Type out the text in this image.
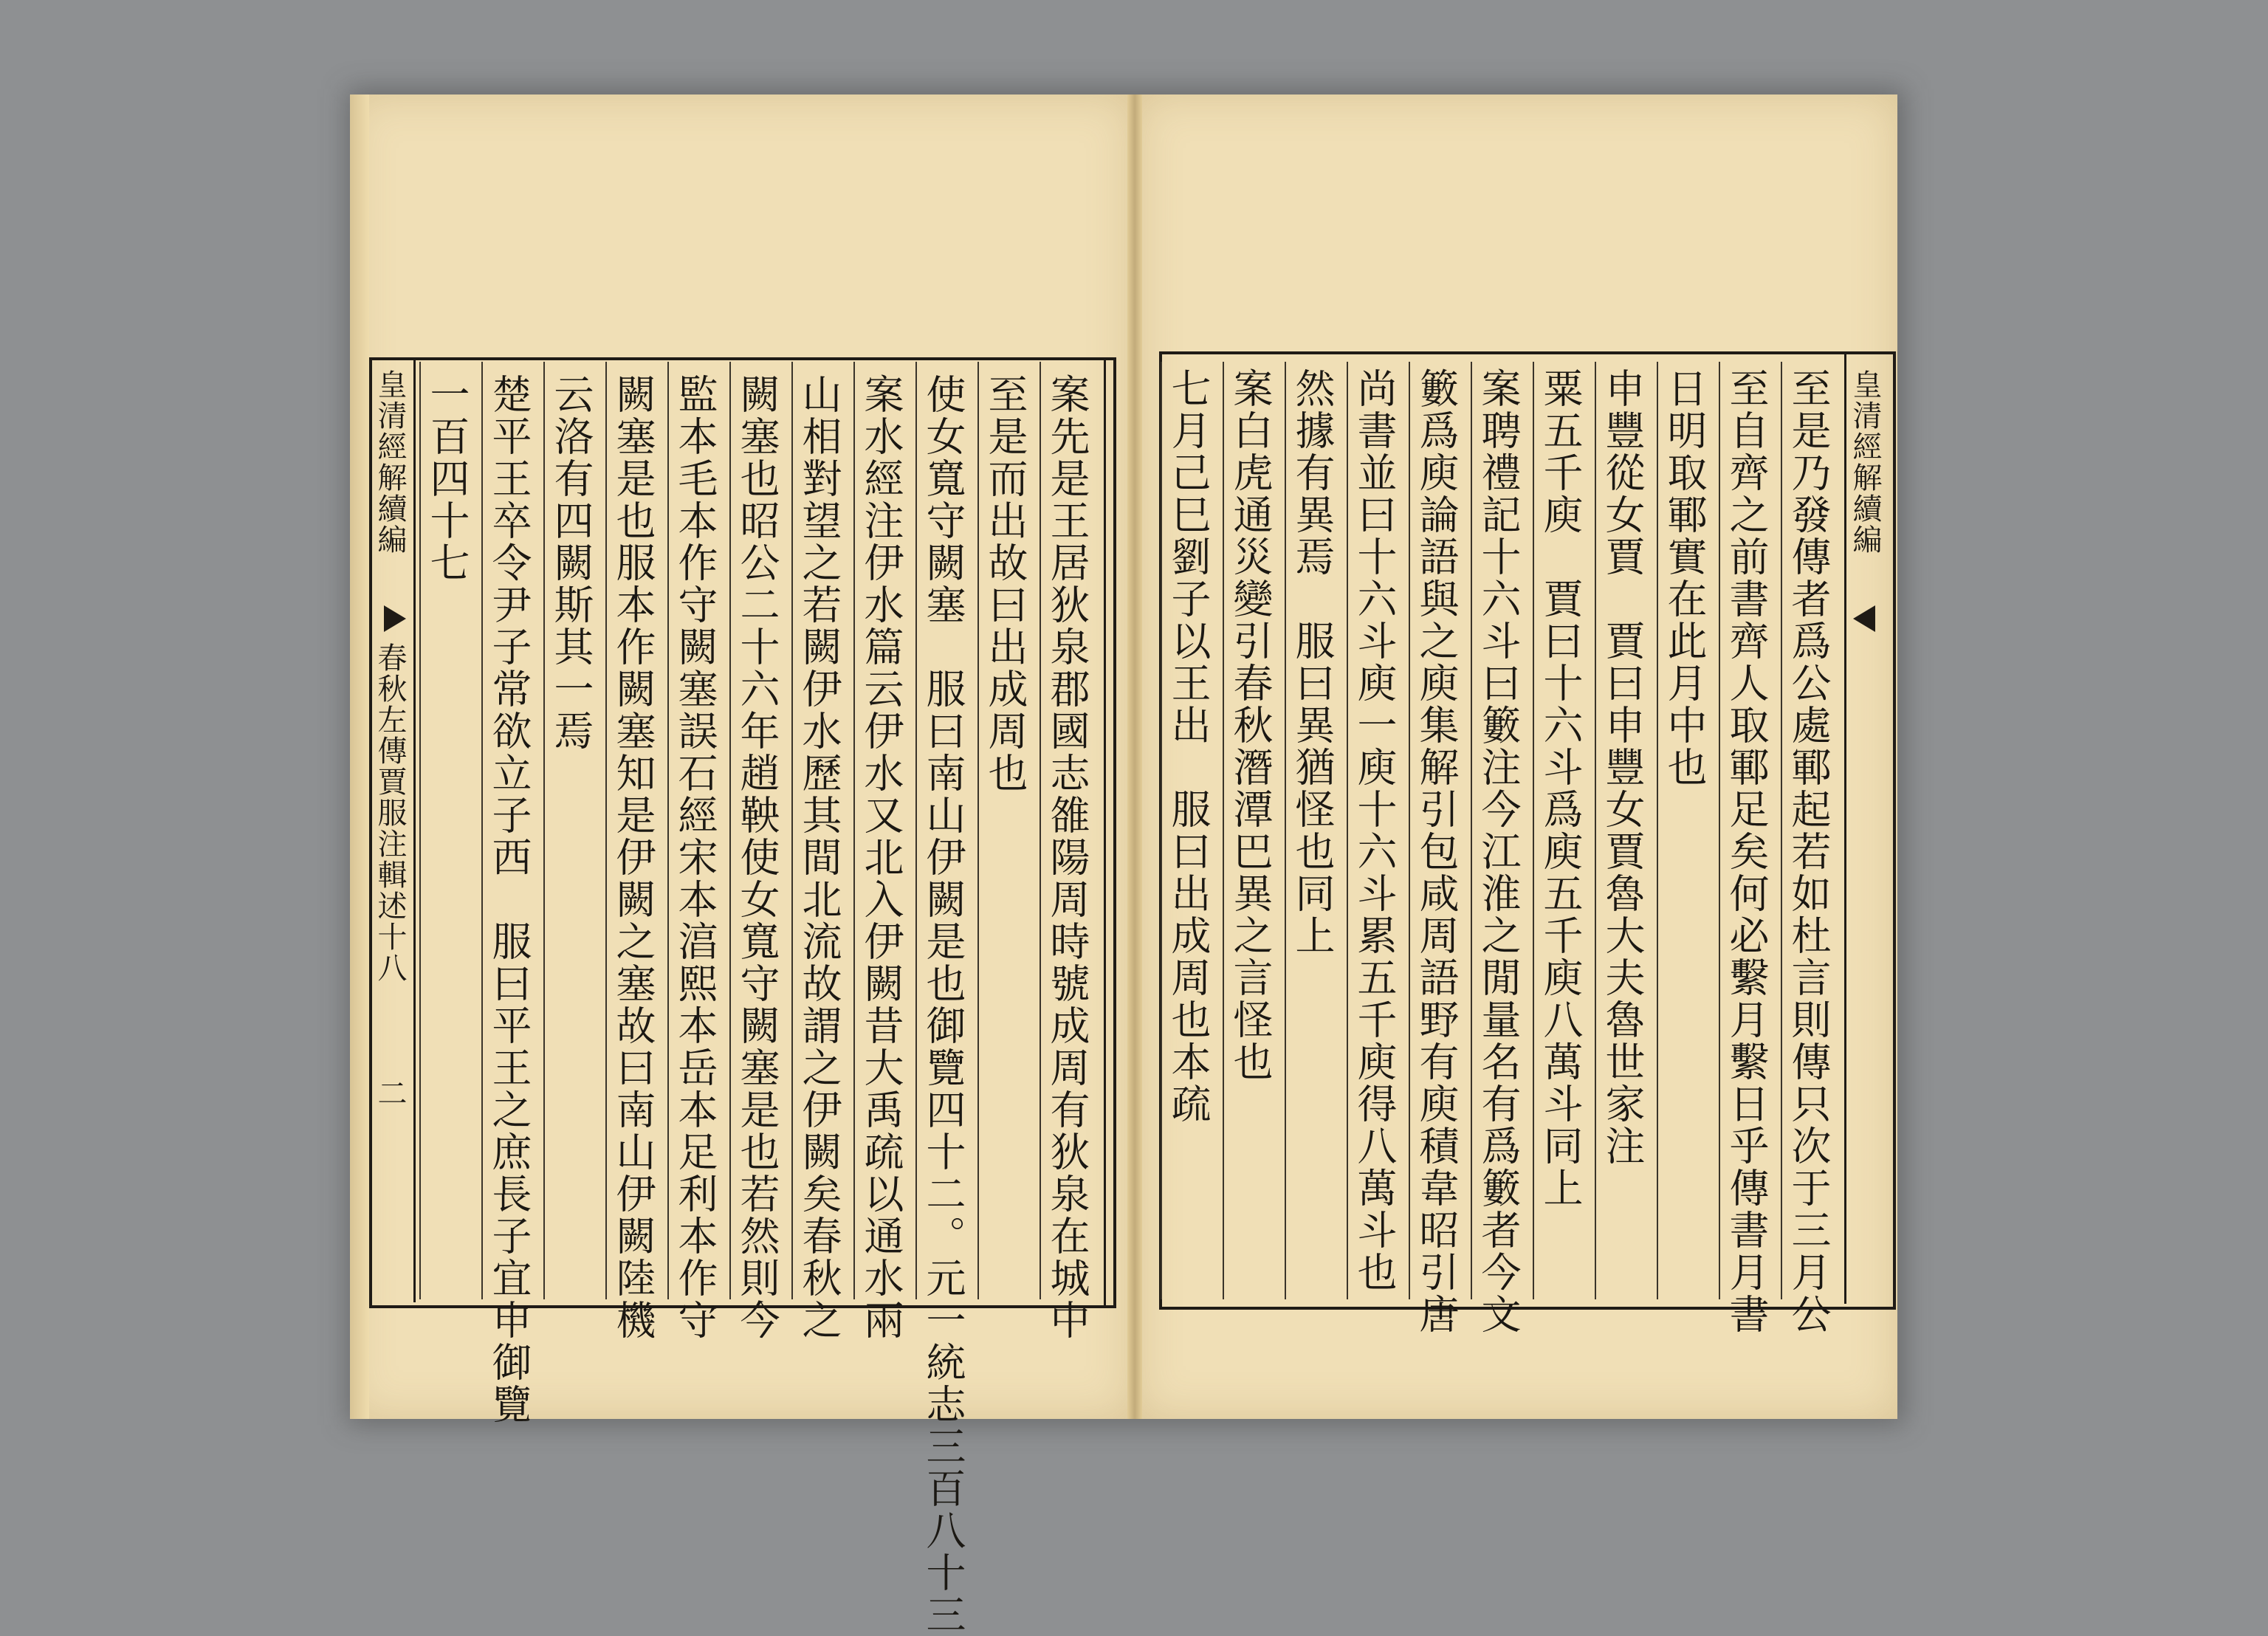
皇清經解續編
春秋左傳賈服注輯述十八
二	案先是王居狄泉郡國志雒陽周時號成周有狄泉在城中
至是而出故曰出成周也
使女寬守闕塞　服曰南山伊闕是也御覽四十二。元一統志三百八十三
案水經注伊水篇云伊水又北入伊闕昔大禹疏以通水兩
山相對望之若闕伊水歷其間北流故謂之伊闕矣春秋之
闕塞也昭公二十六年趙鞅使女寬守闕塞是也若然則今
監本毛本作守闕塞誤石經宋本湻熙本岳本足利本作守
闕塞是也服本作闕塞知是伊闕之塞故曰南山伊闕陸機
云洛有四闕斯其一焉
楚平王卒令尹子常欲立子西　服曰平王之庶長子宜申御覽
一百四十七	皇清經解續編
至是乃發傳者爲公處鄆起若如杜言則傳只次于三月公
至自齊之前書齊人取鄆足矣何必繫月繫日乎傳書月書
日明取鄆實在此月中也
申豐從女賈　賈曰申豐女賈魯大夫魯世家注
粟五千庾　賈曰十六斗爲庾五千庾八萬斗同上
案聘禮記十六斗曰籔注今江淮之閒量名有爲籔者今文
籔爲庾論語與之庾集解引包咸周語野有庾積韋昭引唐
尚書並曰十六斗庾一庾十六斗累五千庾得八萬斗也
然據有異焉　服曰異猶怪也同上
案白虎通災變引春秋潛潭巴異之言怪也
七月己巳劉子以王出　服曰出成周也本疏
